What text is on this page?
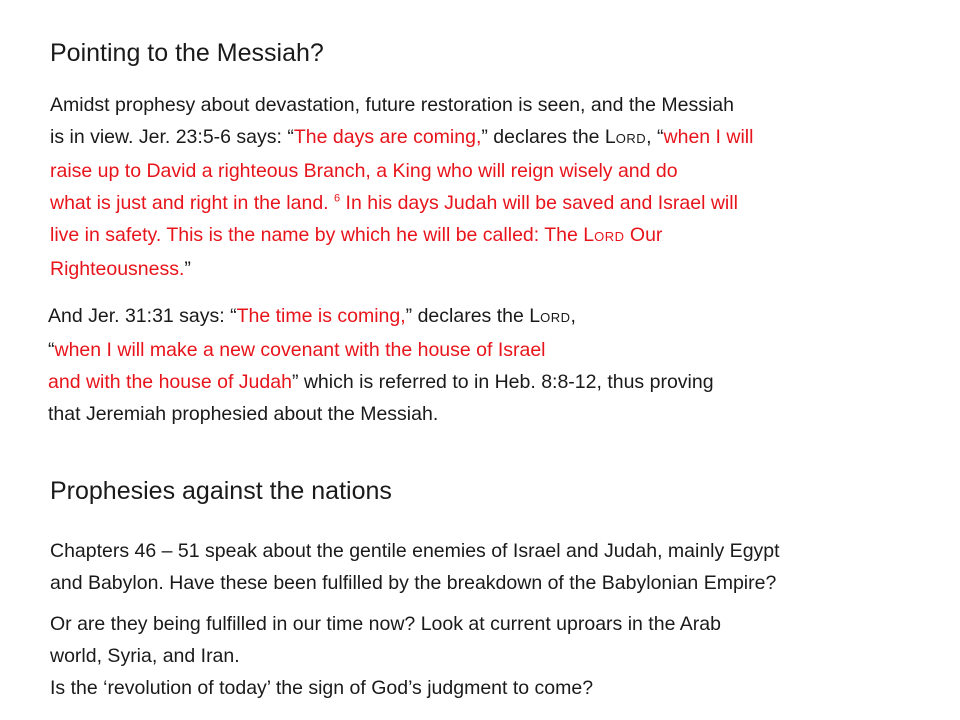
Pointing to the Messiah?
Amidst prophesy about devastation, future restoration is seen, and the Messiah
is in view. Jer. 23:5-6 says: “The days are coming,” declares the LORD, “when I will
raise up to David a righteous Branch, a King who will reign wisely and do
what is just and right in the land. $^6$ In his days Judah will be saved and Israel will
live in safety. This is the name by which he will be called: The LORD Our
Righteousness.”
And Jer. 31:31 says: “The time is coming,” declares the LORD,
“when I will make a new covenant with the house of Israel
and with the house of Judah” which is referred to in Heb. 8:8-12, thus proving
that Jeremiah prophesied about the Messiah.
Prophesies against the nations
Chapters 46 – 51 speak about the gentile enemies of Israel and Judah, mainly Egypt
and Babylon. Have these been fulfilled by the breakdown of the Babylonian Empire?
Or are they being fulfilled in our time now? Look at current uproars in the Arab
world, Syria, and Iran.
Is the ‘revolution of today’ the sign of God’s judgment to come?
